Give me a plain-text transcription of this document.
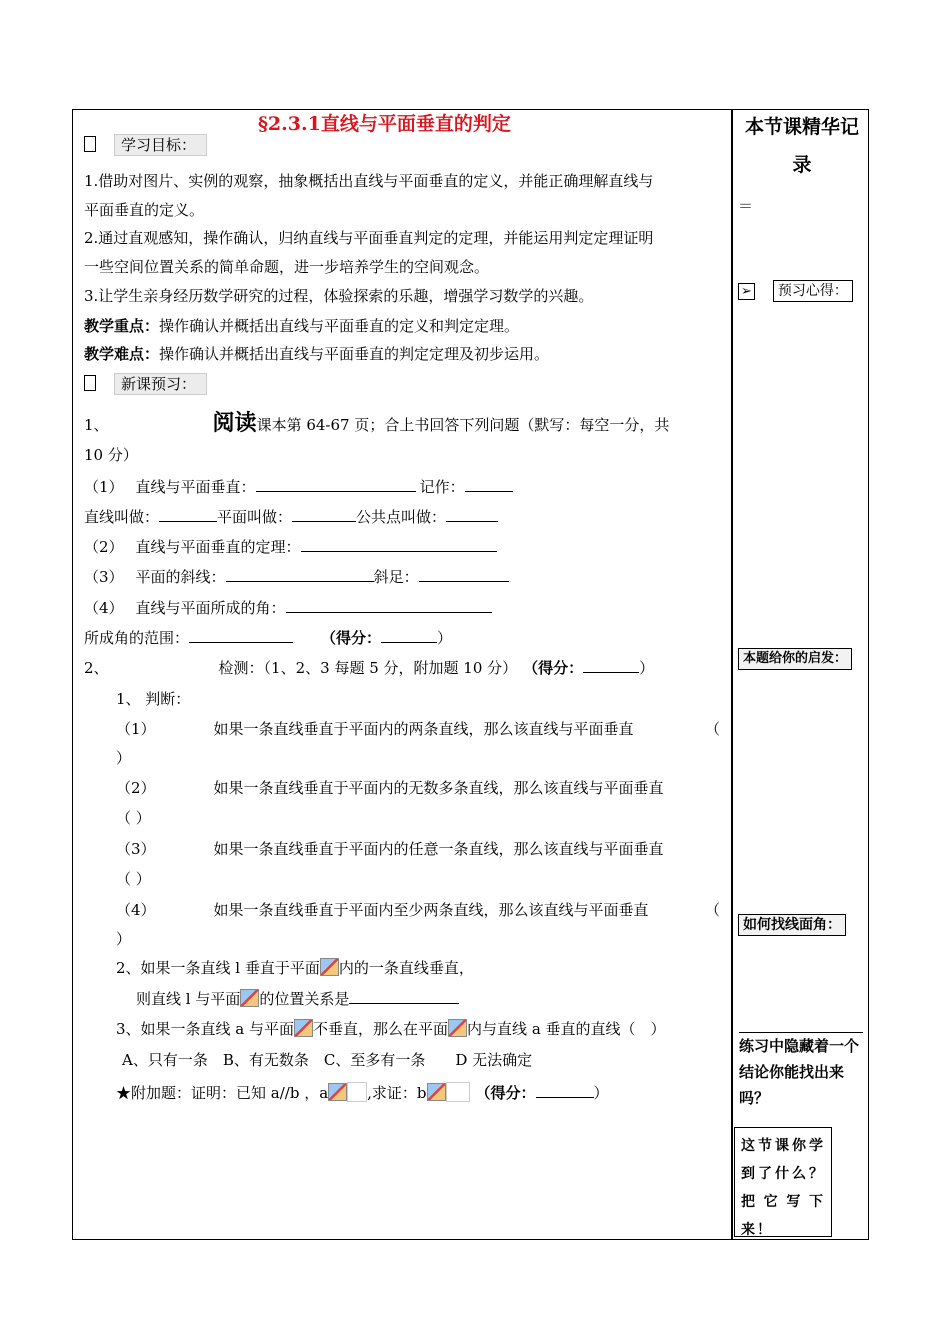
§2.3.1直线与平面垂直的判定
学习目标：
1.借助对图片、实例的观察，抽象概括出直线与平面垂直的定义，并能正确理解直线与
平面垂直的定义。
2.通过直观感知，操作确认，归纳直线与平面垂直判定的定理，并能运用判定定理证明
一些空间位置关系的简单命题，进一步培养学生的空间观念。
3.让学生亲身经历数学研究的过程，体验探索的乐趣，增强学习数学的兴趣。
教学重点：操作确认并概括出直线与平面垂直的定义和判定定理。
教学难点：操作确认并概括出直线与平面垂直的判定定理及初步运用。
新课预习：
1、	阅读课本第 64-67 页；合上书回答下列问题（默写：每空一分，共
10 分）
（1） 直线与平面垂直：	记作：
直线叫做：	平面叫做：	公共点叫做：
（2） 直线与平面垂直的定理：
（3） 平面的斜线：	斜足：
（4） 直线与平面所成的角：
所成角的范围：	（得分：	）
2、	检测：（1、2、3 每题 5 分，附加题 10 分） （得分：	）
1、 判断：
（1）	如果一条直线垂直于平面内的两条直线，那么该直线与平面垂直	（
）
（2）	如果一条直线垂直于平面内的无数多条直线，那么该直线与平面垂直
（ ）
（3）	如果一条直线垂直于平面内的任意一条直线，那么该直线与平面垂直
（ ）
（4）	如果一条直线垂直于平面内至少两条直线，那么该直线与平面垂直	（
）
2、如果一条直线 l 垂直于平面 内的一条直线垂直，
则直线 l 与平面 的位置关系是
3、如果一条直线 a 与平面 不垂直，那么在平面 内与直线 a 垂直的直线（　）
A、只有一条　B、有无数条　C、至多有一条　　D 无法确定
★附加题：证明：已知 a//b ，a	,求证：b	（得分：	）
本节课精华记录
＝
➢ 预习心得：
本题给你的启发：
如何找线面角：
练习中隐藏着一个结论你能找出来吗？
这节课你学到了什么？把它写下来！
